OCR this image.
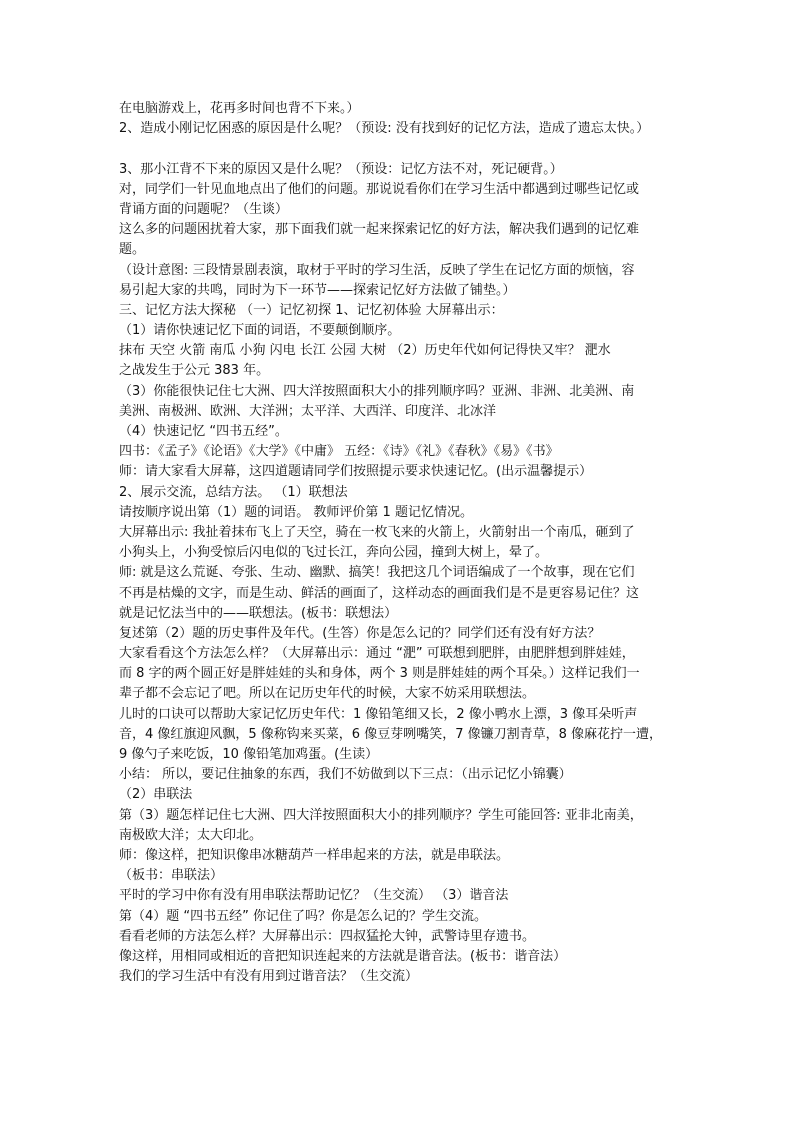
在电脑游戏上，花再多时间也背不下来。）
2、造成小刚记忆困惑的原因是什么呢？（预设: 没有找到好的记忆方法，造成了遗忘太快。）
3、那小江背不下来的原因又是什么呢？（预设：记忆方法不对，死记硬背。）
对，同学们一针见血地点出了他们的问题。那说说看你们在学习生活中都遇到过哪些记忆或
背诵方面的问题呢？（生谈）
这么多的问题困扰着大家，那下面我们就一起来探索记忆的好方法，解决我们遇到的记忆难
题。
（设计意图: 三段情景剧表演，取材于平时的学习生活，反映了学生在记忆方面的烦恼，容
易引起大家的共鸣，同时为下一环节——探索记忆好方法做了铺垫。）
三、记忆方法大探秘 （一）记忆初探 1、记忆初体验 大屏幕出示：
（1）请你快速记忆下面的词语，不要颠倒顺序。
抹布 天空 火箭 南瓜 小狗 闪电 长江 公园 大树 （2）历史年代如何记得快又牢？ 淝水
之战发生于公元 383 年。
（3）你能很快记住七大洲、四大洋按照面积大小的排列顺序吗？亚洲、非洲、北美洲、南
美洲、南极洲、欧洲、大洋洲；太平洋、大西洋、印度洋、北冰洋
（4）快速记忆 “四书五经”。
四书：《孟子》《论语》《大学》《中庸》 五经：《诗》《礼》《春秋》《易》《书》
师：请大家看大屏幕，这四道题请同学们按照提示要求快速记忆。(出示温馨提示）
2、展示交流，总结方法。 （1）联想法
请按顺序说出第（1）题的词语。 教师评价第 1 题记忆情况。
大屏幕出示: 我扯着抹布飞上了天空，骑在一枚飞来的火箭上，火箭射出一个南瓜，砸到了
小狗头上，小狗受惊后闪电似的飞过长江，奔向公园，撞到大树上，晕了。
师: 就是这么荒诞、夸张、生动、幽默、搞笑！我把这几个词语编成了一个故事，现在它们
不再是枯燥的文字，而是生动、鲜活的画面了，这样动态的画面我们是不是更容易记住？这
就是记忆法当中的——联想法。(板书：联想法）
复述第（2）题的历史事件及年代。(生答）你是怎么记的？同学们还有没有好方法？
大家看看这个方法怎么样？（大屏幕出示：通过 “淝” 可联想到肥胖，由肥胖想到胖娃娃，
而 8 字的两个圆正好是胖娃娃的头和身体，两个 3 则是胖娃娃的两个耳朵。）这样记我们一
辈子都不会忘记了吧。所以在记历史年代的时候，大家不妨采用联想法。
儿时的口诀可以帮助大家记忆历史年代：1 像铅笔细又长，2 像小鸭水上漂，3 像耳朵听声
音，4 像红旗迎风飘，5 像称钩来买菜，6 像豆芽咧嘴笑，7 像镰刀割青草，8 像麻花拧一遭，
9 像勺子来吃饭，10 像铅笔加鸡蛋。(生读）
小结： 所以，要记住抽象的东西，我们不妨做到以下三点：（出示记忆小锦囊）
（2）串联法
第（3）题怎样记住七大洲、四大洋按照面积大小的排列顺序？学生可能回答: 亚非北南美，
南极欧大洋；太大印北。
师：像这样，把知识像串冰糖葫芦一样串起来的方法，就是串联法。
（板书：串联法）
平时的学习中你有没有用串联法帮助记忆？（生交流） （3）谐音法
第（4）题 “四书五经” 你记住了吗？你是怎么记的？学生交流。
看看老师的方法怎么样？大屏幕出示：四叔猛抡大钟，武警诗里存遗书。
像这样，用相同或相近的音把知识连起来的方法就是谐音法。(板书：谐音法）
我们的学习生活中有没有用到过谐音法？（生交流）
